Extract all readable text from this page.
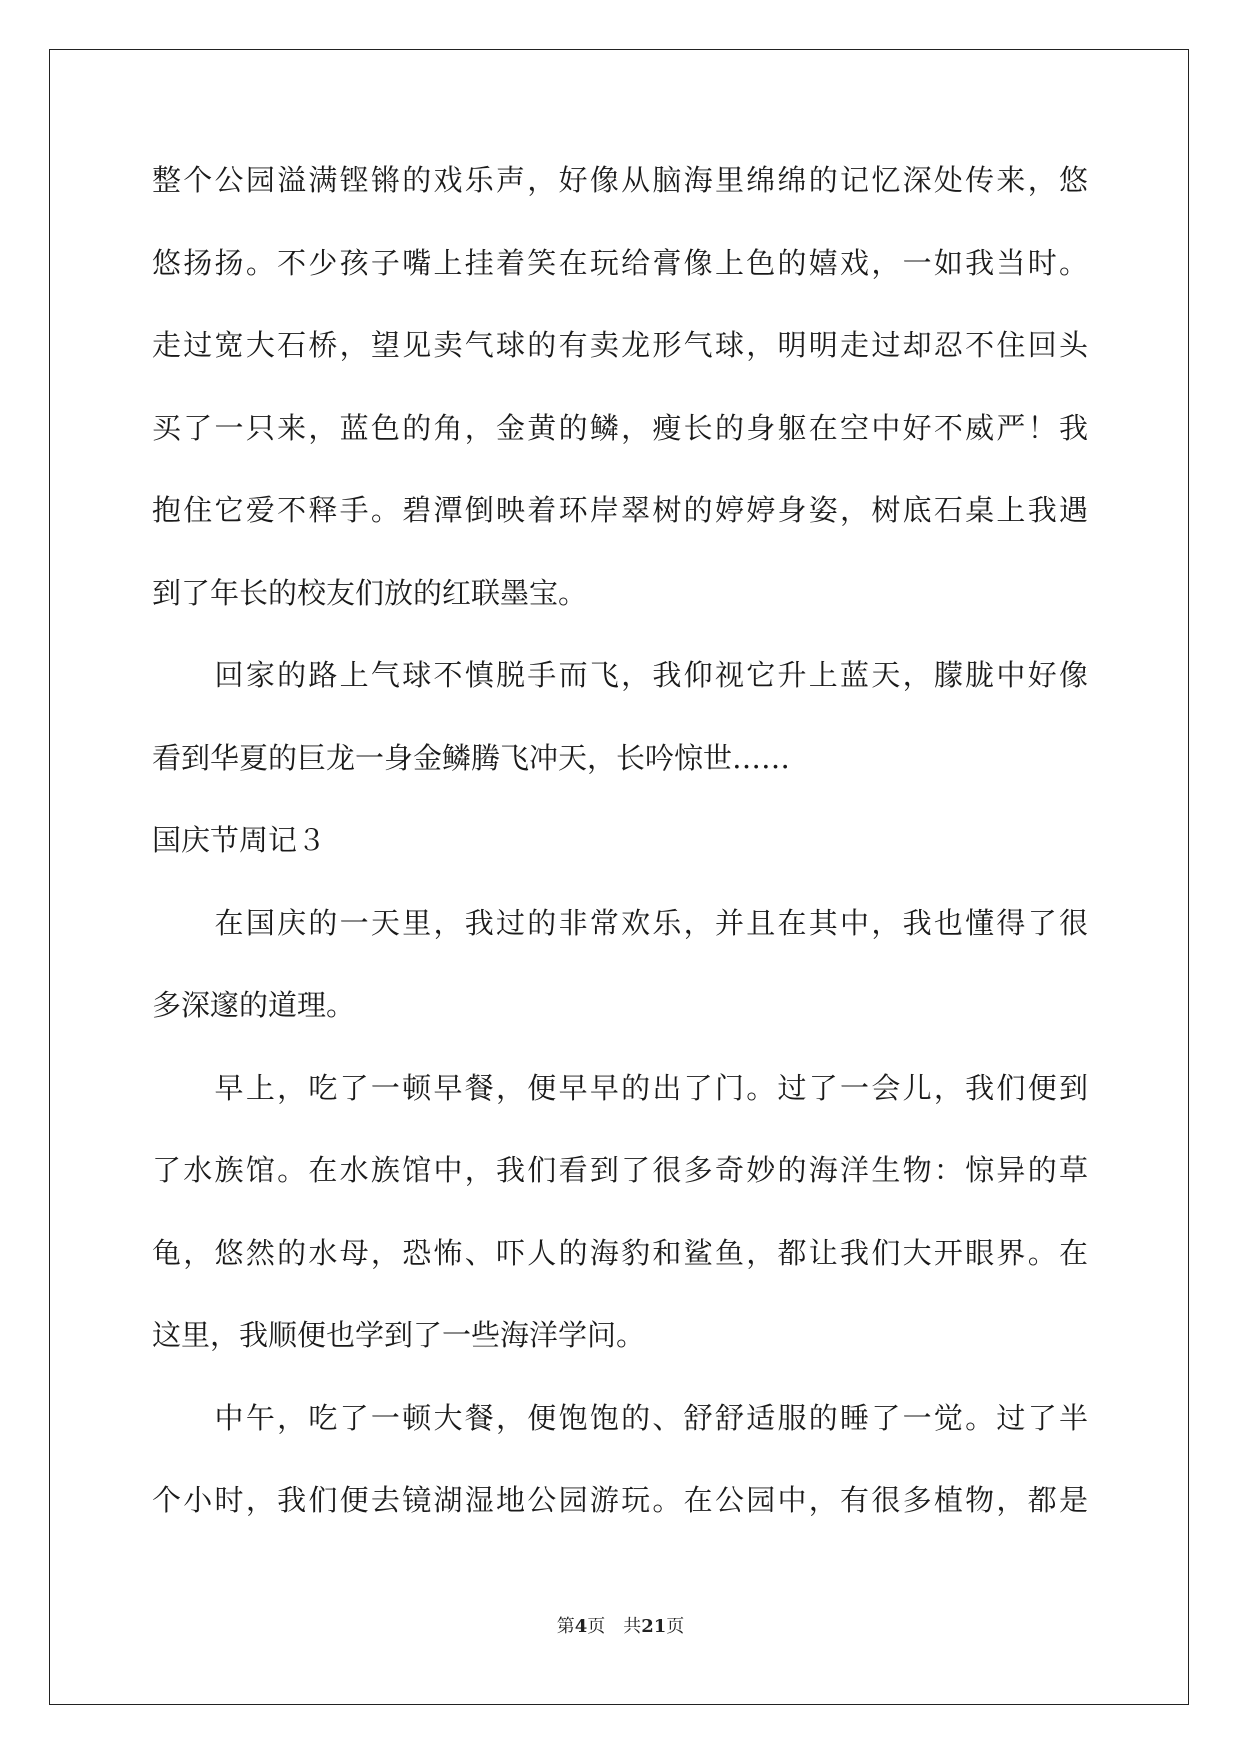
整个公园溢满铿锵的戏乐声，好像从脑海里绵绵的记忆深处传来，悠
悠扬扬。不少孩子嘴上挂着笑在玩给膏像上色的嬉戏，一如我当时。
走过宽大石桥，望见卖气球的有卖龙形气球，明明走过却忍不住回头
买了一只来，蓝色的角，金黄的鳞，瘦长的身躯在空中好不威严！我
抱住它爱不释手。碧潭倒映着环岸翠树的婷婷身姿，树底石桌上我遇
到了年长的校友们放的红联墨宝。
　　回家的路上气球不慎脱手而飞，我仰视它升上蓝天，朦胧中好像
看到华夏的巨龙一身金鳞腾飞冲天，长吟惊世……
国庆节周记３
　　在国庆的一天里，我过的非常欢乐，并且在其中，我也懂得了很
多深邃的道理。
　　早上，吃了一顿早餐，便早早的出了门。过了一会儿，我们便到
了水族馆。在水族馆中，我们看到了很多奇妙的海洋生物：惊异的草
龟，悠然的水母，恐怖、吓人的海豹和鲨鱼，都让我们大开眼界。在
这里，我顺便也学到了一些海洋学问。
　　中午，吃了一顿大餐，便饱饱的、舒舒适服的睡了一觉。过了半
个小时，我们便去镜湖湿地公园游玩。在公园中，有很多植物，都是
第4页　共21页
